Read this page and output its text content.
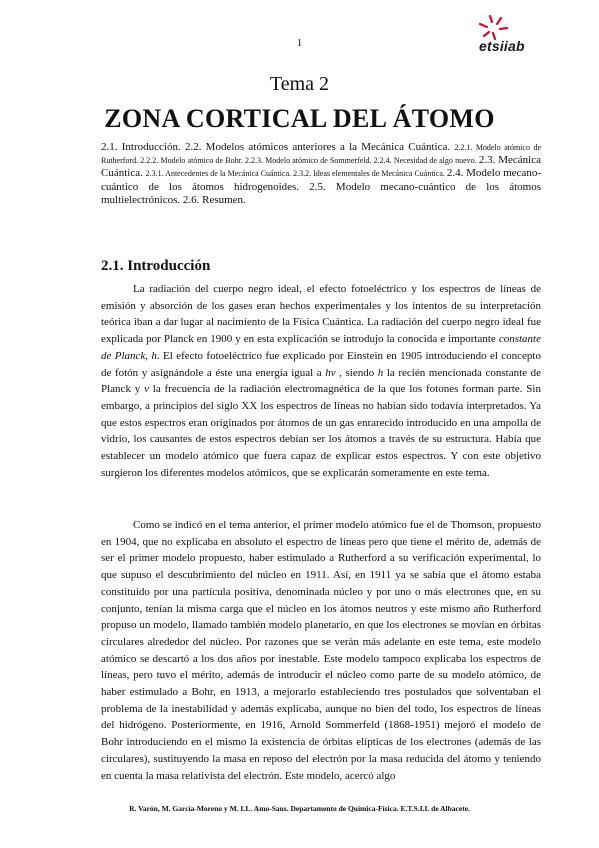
1	etsiiab
Tema 2
ZONA CORTICAL DEL ÁTOMO
2.1. Introducción. 2.2. Modelos atómicos anteriores a la Mecánica Cuántica. 2.2.1. Modelo atómico de Rutherford. 2.2.2. Modelo atómico de Bohr. 2.2.3. Modelo atómico de Sommerfeld. 2.2.4. Necesidad de algo nuevo. 2.3. Mecánica Cuántica. 2.3.1. Antecedentes de la Mecánica Cuántica. 2.3.2. Ideas elementales de Mecánica Cuántica. 2.4. Modelo mecano-cuántico de los átomos hidrogenoides. 2.5. Modelo mecano-cuántico de los átomos multielectrónicos. 2.6. Resumen.
2.1. Introducción

La radiación del cuerpo negro ideal, el efecto fotoeléctrico y los espectros de líneas de emisión y absorción de los gases eran hechos experimentales y los intentos de su interpretación teórica iban a dar lugar al nacimiento de la Física Cuántica. La radiación del cuerpo negro ideal fue explicada por Planck en 1900 y en esta explicación se introdujo la conocida e importante constante de Planck, h. El efecto fotoeléctrico fue explicado por Einstein en 1905 introduciendo el concepto de fotón y asignándole a éste una energía igual a hν , siendo h la recién mencionada constante de Planck y ν la frecuencia de la radiación electromagnética de la que los fotones forman parte. Sin embargo, a principios del siglo XX los espectros de líneas no habían sido todavía interpretados. Ya que estos espectros eran originados por átomos de un gas enrarecido introducido en una ampolla de vidrio, los causantes de estos espectros debían ser los átomos a través de su estructura. Había que establecer un modelo atómico que fuera capaz de explicar estos espectros. Y con este objetivo surgieron los diferentes modelos atómicos, que se explicarán someramente en este tema.

Como se indicó en el tema anterior, el primer modelo atómico fue el de Thomson, propuesto en 1904, que no explicaba en absoluto el espectro de líneas pero que tiene el mérito de, además de ser el primer modelo propuesto, haber estimulado a Rutherford a su verificación experimental, lo que supuso el descubrimiento del núcleo en 1911. Así, en 1911 ya se sabía que el átomo estaba constituido por una partícula positiva, denominada núcleo y por uno o más electrones que, en su conjunto, tenían la misma carga que el núcleo en los átomos neutros y este mismo año Rutherford propuso un modelo, llamado también modelo planetario, en que los electrones se movían en órbitas circulares alrededor del núcleo. Por razones que se verán más adelante en este tema, este modelo atómico se descartó a los dos años por inestable. Este modelo tampoco explicaba los espectros de líneas, pero tuvo el mérito, además de introducir el núcleo como parte de su modelo atómico, de haber estimulado a Bohr, en 1913, a mejorarlo estableciendo tres postulados que solventaban el problema de la inestabilidad y además explicaba, aunque no bien del todo, los espectros de líneas del hidrógeno. Posteriormente, en 1916, Arnold Sommerfeld (1868-1951) mejoró el modelo de Bohr introduciendo en el mismo la existencia de órbitas elípticas de los electrones (además de las circulares), sustituyendo la masa en reposo del electrón por la masa reducida del átomo y teniendo en cuenta la masa relativista del electrón. Este modelo, acercó algo

R. Varón, M. García-Moreno y M. LL. Amo-Saus. Departamento de Química-Física. E.T.S.I.I. de Albacete.
